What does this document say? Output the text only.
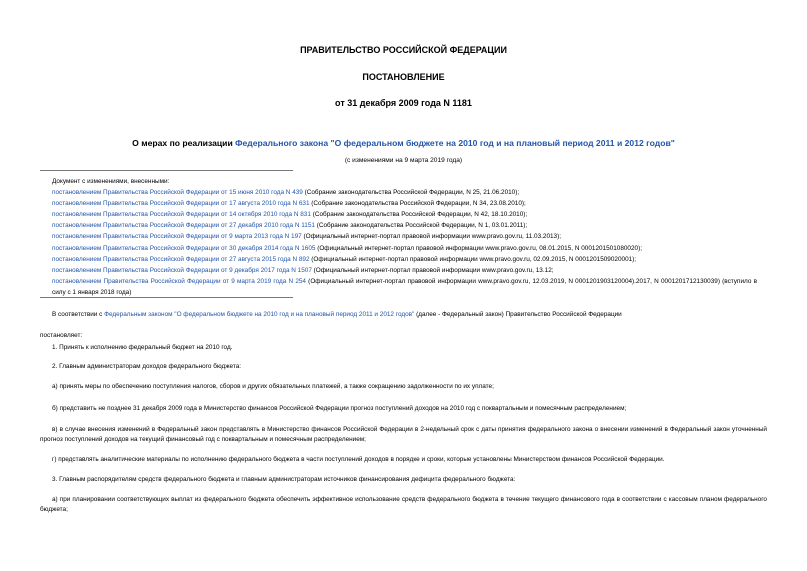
ПРАВИТЕЛЬСТВО РОССИЙСКОЙ ФЕДЕРАЦИИ
ПОСТАНОВЛЕНИЕ
от 31 декабря 2009 года N 1181
О мерах по реализации Федерального закона "О федеральном бюджете на 2010 год и на плановый период 2011 и 2012 годов"
(с изменениями на 9 марта 2019 года)
Документ с изменениями, внесенными:
постановлением Правительства Российской Федерации от 15 июня 2010 года N 439 (Собрание законодательства Российской Федерации, N 25, 21.06.2010);
постановлением Правительства Российской Федерации от 17 августа 2010 года N 631 (Собрание законодательства Российской Федерации, N 34, 23.08.2010);
постановлением Правительства Российской Федерации от 14 октября 2010 года N 831 (Собрание законодательства Российской Федерации, N 42, 18.10.2010);
постановлением Правительства Российской Федерации от 27 декабря 2010 года N 1151 (Собрание законодательства Российской Федерации, N 1, 03.01.2011);
постановлением Правительства Российской Федерации от 9 марта 2013 года N 197 (Официальный интернет-портал правовой информации www.pravo.gov.ru, 11.03.2013);
постановлением Правительства Российской Федерации от 30 декабря 2014 года N 1605 (Официальный интернет-портал правовой информации www.pravo.gov.ru, 08.01.2015, N 0001201501080020);
постановлением Правительства Российской Федерации от 27 августа 2015 года N 892 (Официальный интернет-портал правовой информации www.pravo.gov.ru, 02.09.2015, N 0001201509020001);
постановлением Правительства Российской Федерации от 9 декабря 2017 года N 1507 (Официальный интернет-портал правовой информации www.pravo.gov.ru, 13.12;
постановлением Правительства Российской Федерации от 9 марта 2019 года N 254 (Официальный интернет-портал правовой информации www.pravo.gov.ru, 12.03.2019, N 0001201903120004).2017, N 0001201712130039) (вступило в силу с 1 января 2018 года)
В соответствии с Федеральным законом "О федеральном бюджете на 2010 год и на плановый период 2011 и 2012 годов" (далее - Федеральный закон) Правительство Российской Федерации
постановляет:
1. Принять к исполнению федеральный бюджет на 2010 год.
2. Главным администраторам доходов федерального бюджета:
а) принять меры по обеспечению поступления налогов, сборов и других обязательных платежей, а также сокращению задолженности по их уплате;
б) представить не позднее 31 декабря 2009 года в Министерство финансов Российской Федерации прогноз поступлений доходов на 2010 год с поквартальным и помесячным распределением;
в) в случае внесения изменений в Федеральный закон представлять в Министерство финансов Российской Федерации в 2-недельный срок с даты принятия федерального закона о внесении изменений в Федеральный закон уточненный прогноз поступлений доходов на текущий финансовый год с поквартальным и помесячным распределением;
г) представлять аналитические материалы по исполнению федерального бюджета в части поступлений доходов в порядке и сроки, которые установлены Министерством финансов Российской Федерации.
3. Главным распорядителям средств федерального бюджета и главным администраторам источников финансирования дефицита федерального бюджета:
а) при планировании соответствующих выплат из федерального бюджета обеспечить эффективное использование средств федерального бюджета в течение текущего финансового года в соответствии с кассовым планом федерального бюджета;
